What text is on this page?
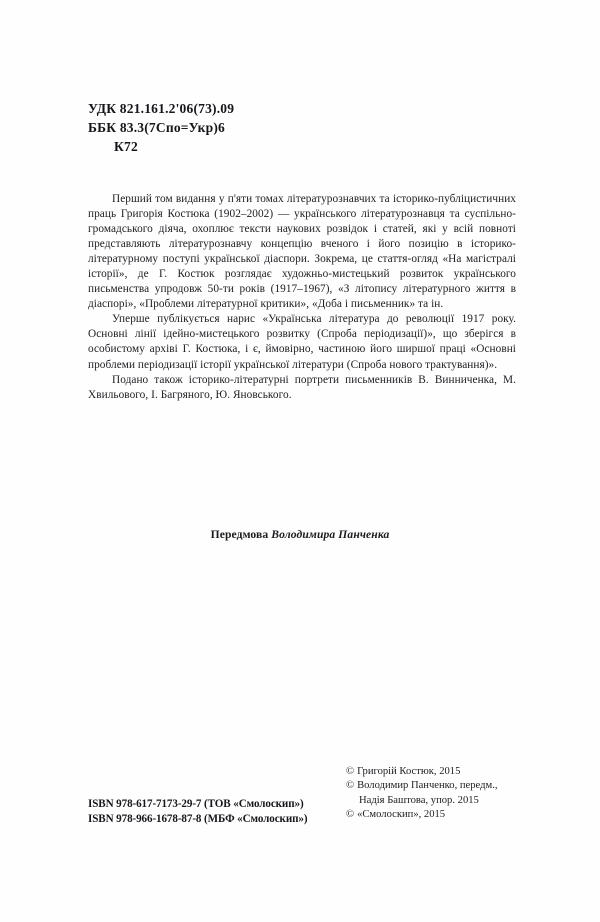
УДК 821.161.2'06(73).09
ББК 83.3(7Спо=Укр)6
К72

Перший том видання у п'яти томах літературознавчих та історико-публіцистичних праць Григорія Костюка (1902–2002) — українського літературознавця та суспільно-громадського діяча, охоплює тексти наукових розвідок і статей, які у всій повноті представляють літературознавчу концепцію вченого і його позицію в історико-літературному поступі української діаспори. Зокрема, це стаття-огляд «На магістралі історії», де Г. Костюк розглядає художньо-мистецький розвиток українського письменства упродовж 50-ти років (1917–1967), «З літопису літературного життя в діаспорі», «Проблеми літературної критики», «Доба і письменник» та ін.

Уперше публікується нарис «Українська література до революції 1917 року. Основні лінії ідейно-мистецького розвитку (Спроба періодизації)», що зберігся в особистому архіві Г. Костюка, і є, ймовірно, частиною його ширшої праці «Основні проблеми періодизації історії української літератури (Спроба нового трактування)».

Подано також історико-літературні портрети письменників В. Винниченка, М. Хвильового, І. Багряного, Ю. Яновського.

Передмова Володимира Панченка
ISBN 978-617-7173-29-7 (ТОВ «Смолоскип»)
ISBN 978-966-1678-87-8 (МБФ «Смолоскип»)
© Григорій Костюк, 2015
© Володимир Панченко, передм.,
Надія Баштова, упор. 2015
© «Смолоскип», 2015
